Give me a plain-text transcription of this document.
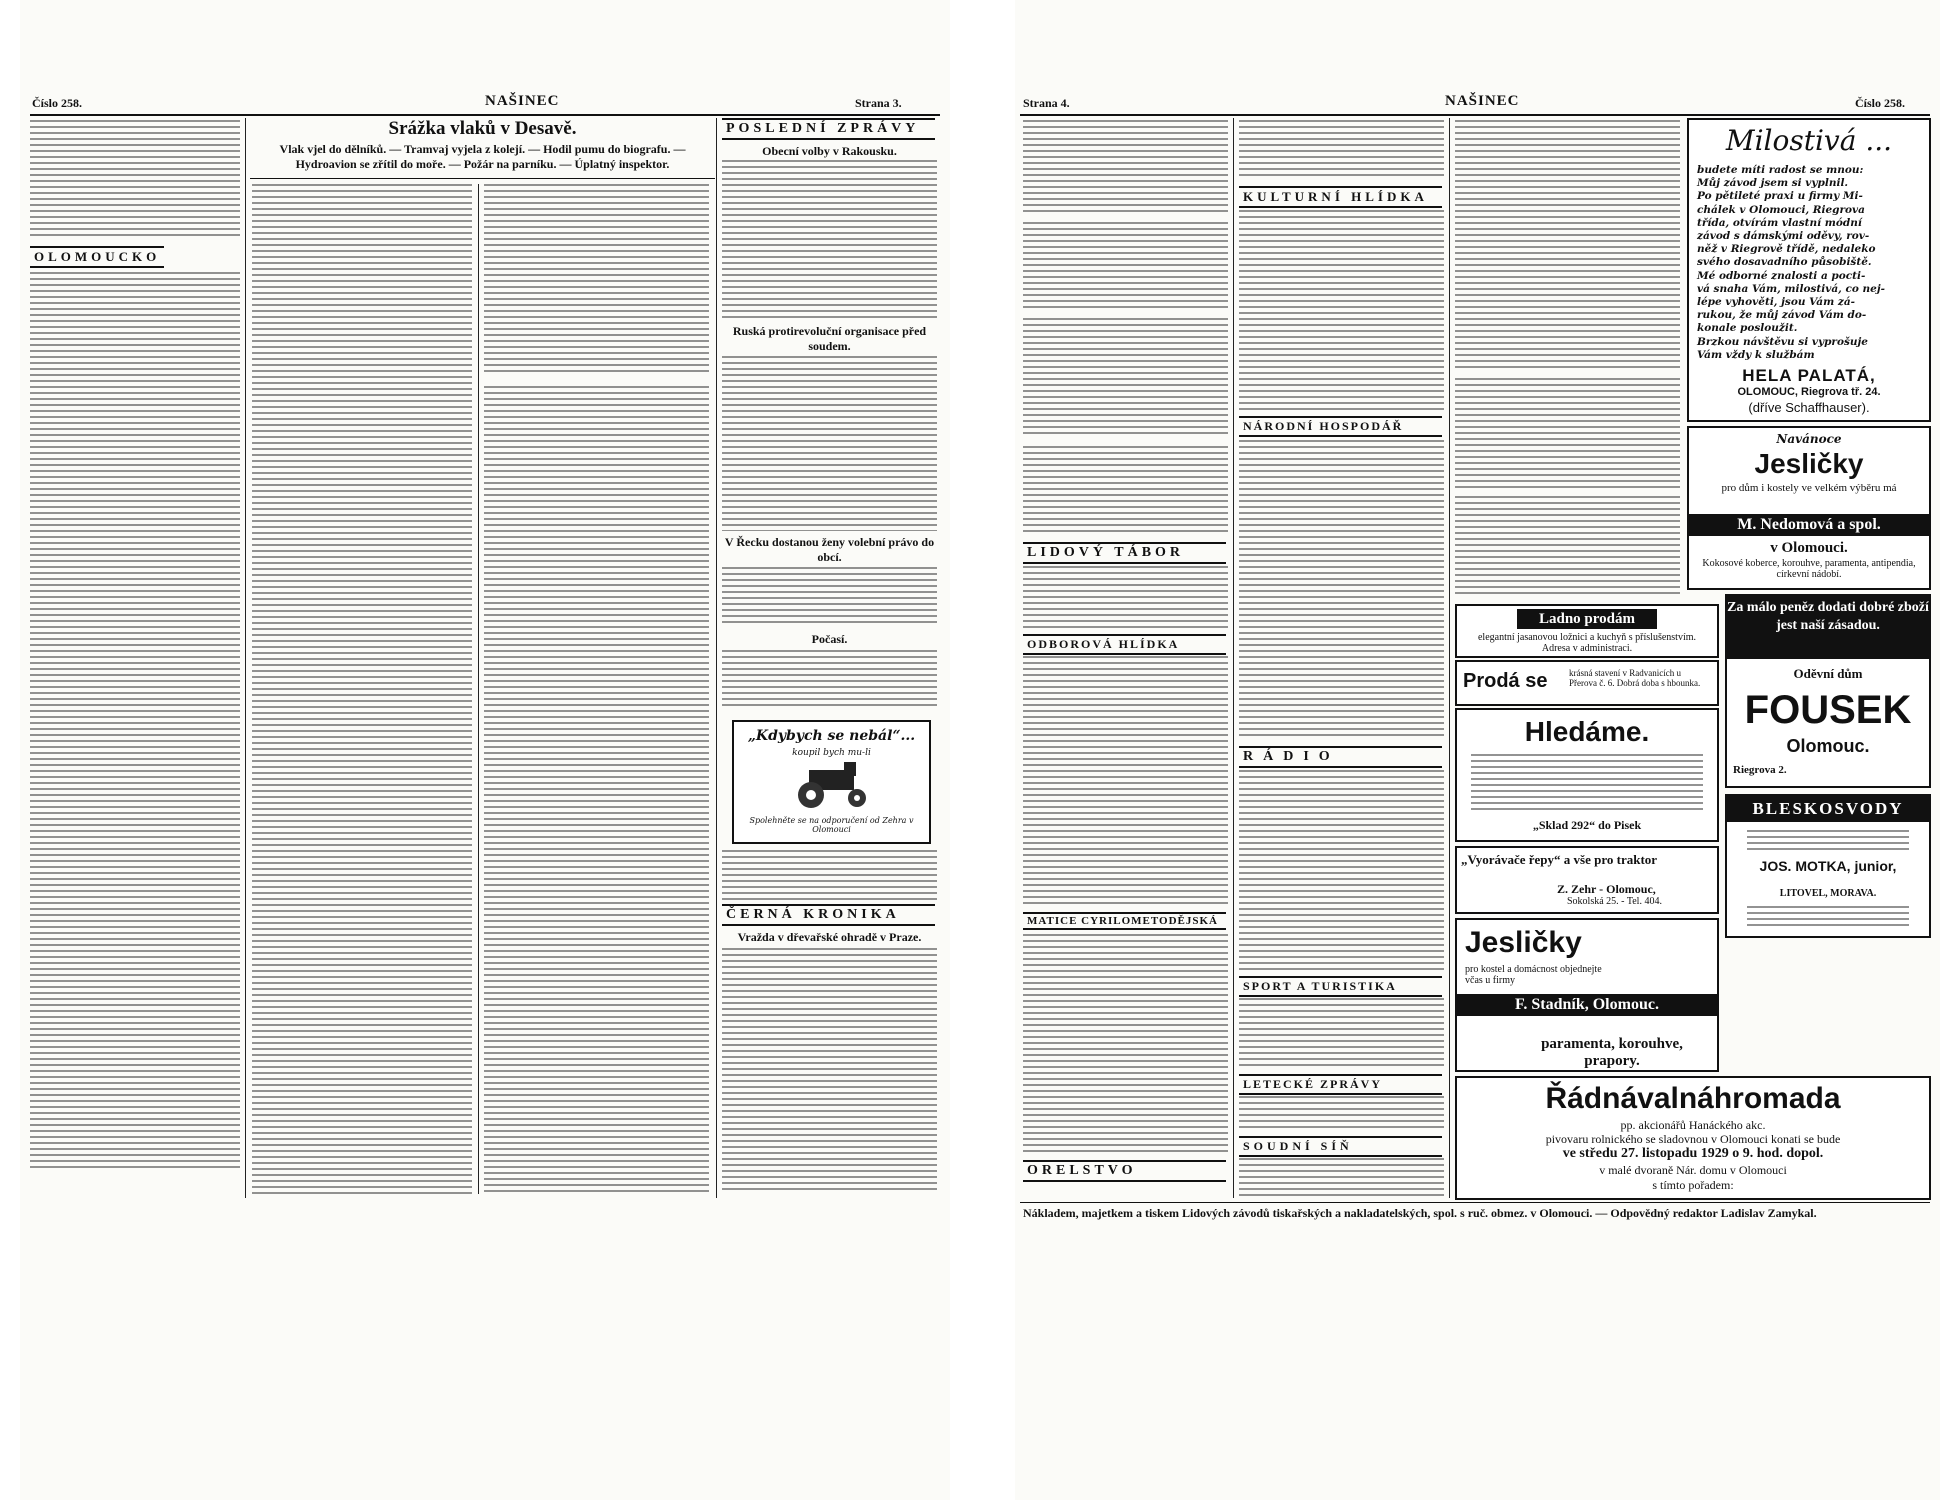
Číslo 258.	NAŠINEC	Strana 3.
OLOMOUCKO
Srážka vlaků v Desavě.
Vlak vjel do dělníků. — Tramvaj vyjela z kolejí. — Hodil pumu do biografu. — Hydroavion se zřítil do moře. — Požár na parníku. — Úplatný inspektor.
POSLEDNÍ ZPRÁVY
Obecní volby v Rakousku.
Ruská protirevoluční organisace před soudem.
V Řecku dostanou ženy volební právo do obcí.
Počasí.
„Kdybych se nebál“...
koupil bych mu-li
Spolehněte se na odporučení od Zehra v Olomouci
ČERNÁ KRONIKA
Vražda v dřevařské ohradě v Praze.
Strana 4.	NAŠINEC	Číslo 258.
LIDOVÝ TÁBOR
ODBOROVÁ HLÍDKA
MATICE CYRILOMETODĚJSKÁ
ORELSTVO
KULTURNÍ HLÍDKA
NÁRODNÍ HOSPODÁŘ
RÁDIO
SPORT A TURISTIKA
LETECKÉ ZPRÁVY
SOUDNÍ SÍŇ
Milostivá ...
budete míti radost se mnou:
Můj závod jsem si vyplnil.
Po pětileté praxi u firmy Mi-
chálek v Olomouci, Riegrova
třída, otvírám vlastní módní
závod s dámskými oděvy, rov-
něž v Riegrově třídě, nedaleko
svého dosavadního působiště.
Mé odborné znalosti a pocti-
vá snaha Vám, milostivá, co nej-
lépe vyhověti, jsou Vám zá-
rukou, že můj závod Vám do-
konale posloužit.
Brzkou návštěvu si vyprošuje
Vám vždy k službám
HELA PALATÁ,
OLOMOUC, Riegrova tř. 24.
(dříve Schaffhauser).
Navánoce
Jesličky
pro dům i kostely ve velkém výběru má
M. Nedomová a spol.
v Olomouci.
Kokosové koberce, korouhve, paramenta, antipendia, církevní nádobí.
Ladno prodám
elegantní jasanovou ložnici a kuchyň s příslušenstvím. Adresa v administraci.
Prodá se krásná stavení v Radvanicích u Přerova č. 6. Dobrá doba s hbounka.
Hledáme.
„Sklad 292“ do Pisek
Za málo peněz dodati dobré zboží jest naší zásadou.
Oděvní dům
FOUSEK
Olomouc.
Riegrova 2.
„Vyorávače řepy“ a vše pro traktor
Z. Zehr - Olomouc,
Sokolská 25. - Tel. 404.
Jesličky
pro kostel a domácnost objednejte včas u firmy
F. Stadník, Olomouc.
paramenta, korouhve, prapory.
BLESKOSVODY
JOS. MOTKA, junior,
LITOVEL, MORAVA.
Řádnávalnáhromada
pp. akcionářů Hanáckého akc.
pivovaru rolnického se sladovnou v Olomouci konati se bude
ve středu 27. listopadu 1929 o 9. hod. dopol.
v malé dvoraně Nár. domu v Olomouci
s tímto pořadem:
Nákladem, majetkem a tiskem Lidových závodů tiskařských a nakladatelských, spol. s ruč. obmez. v Olomouci. — Odpovědný redaktor Ladislav Zamykal.
